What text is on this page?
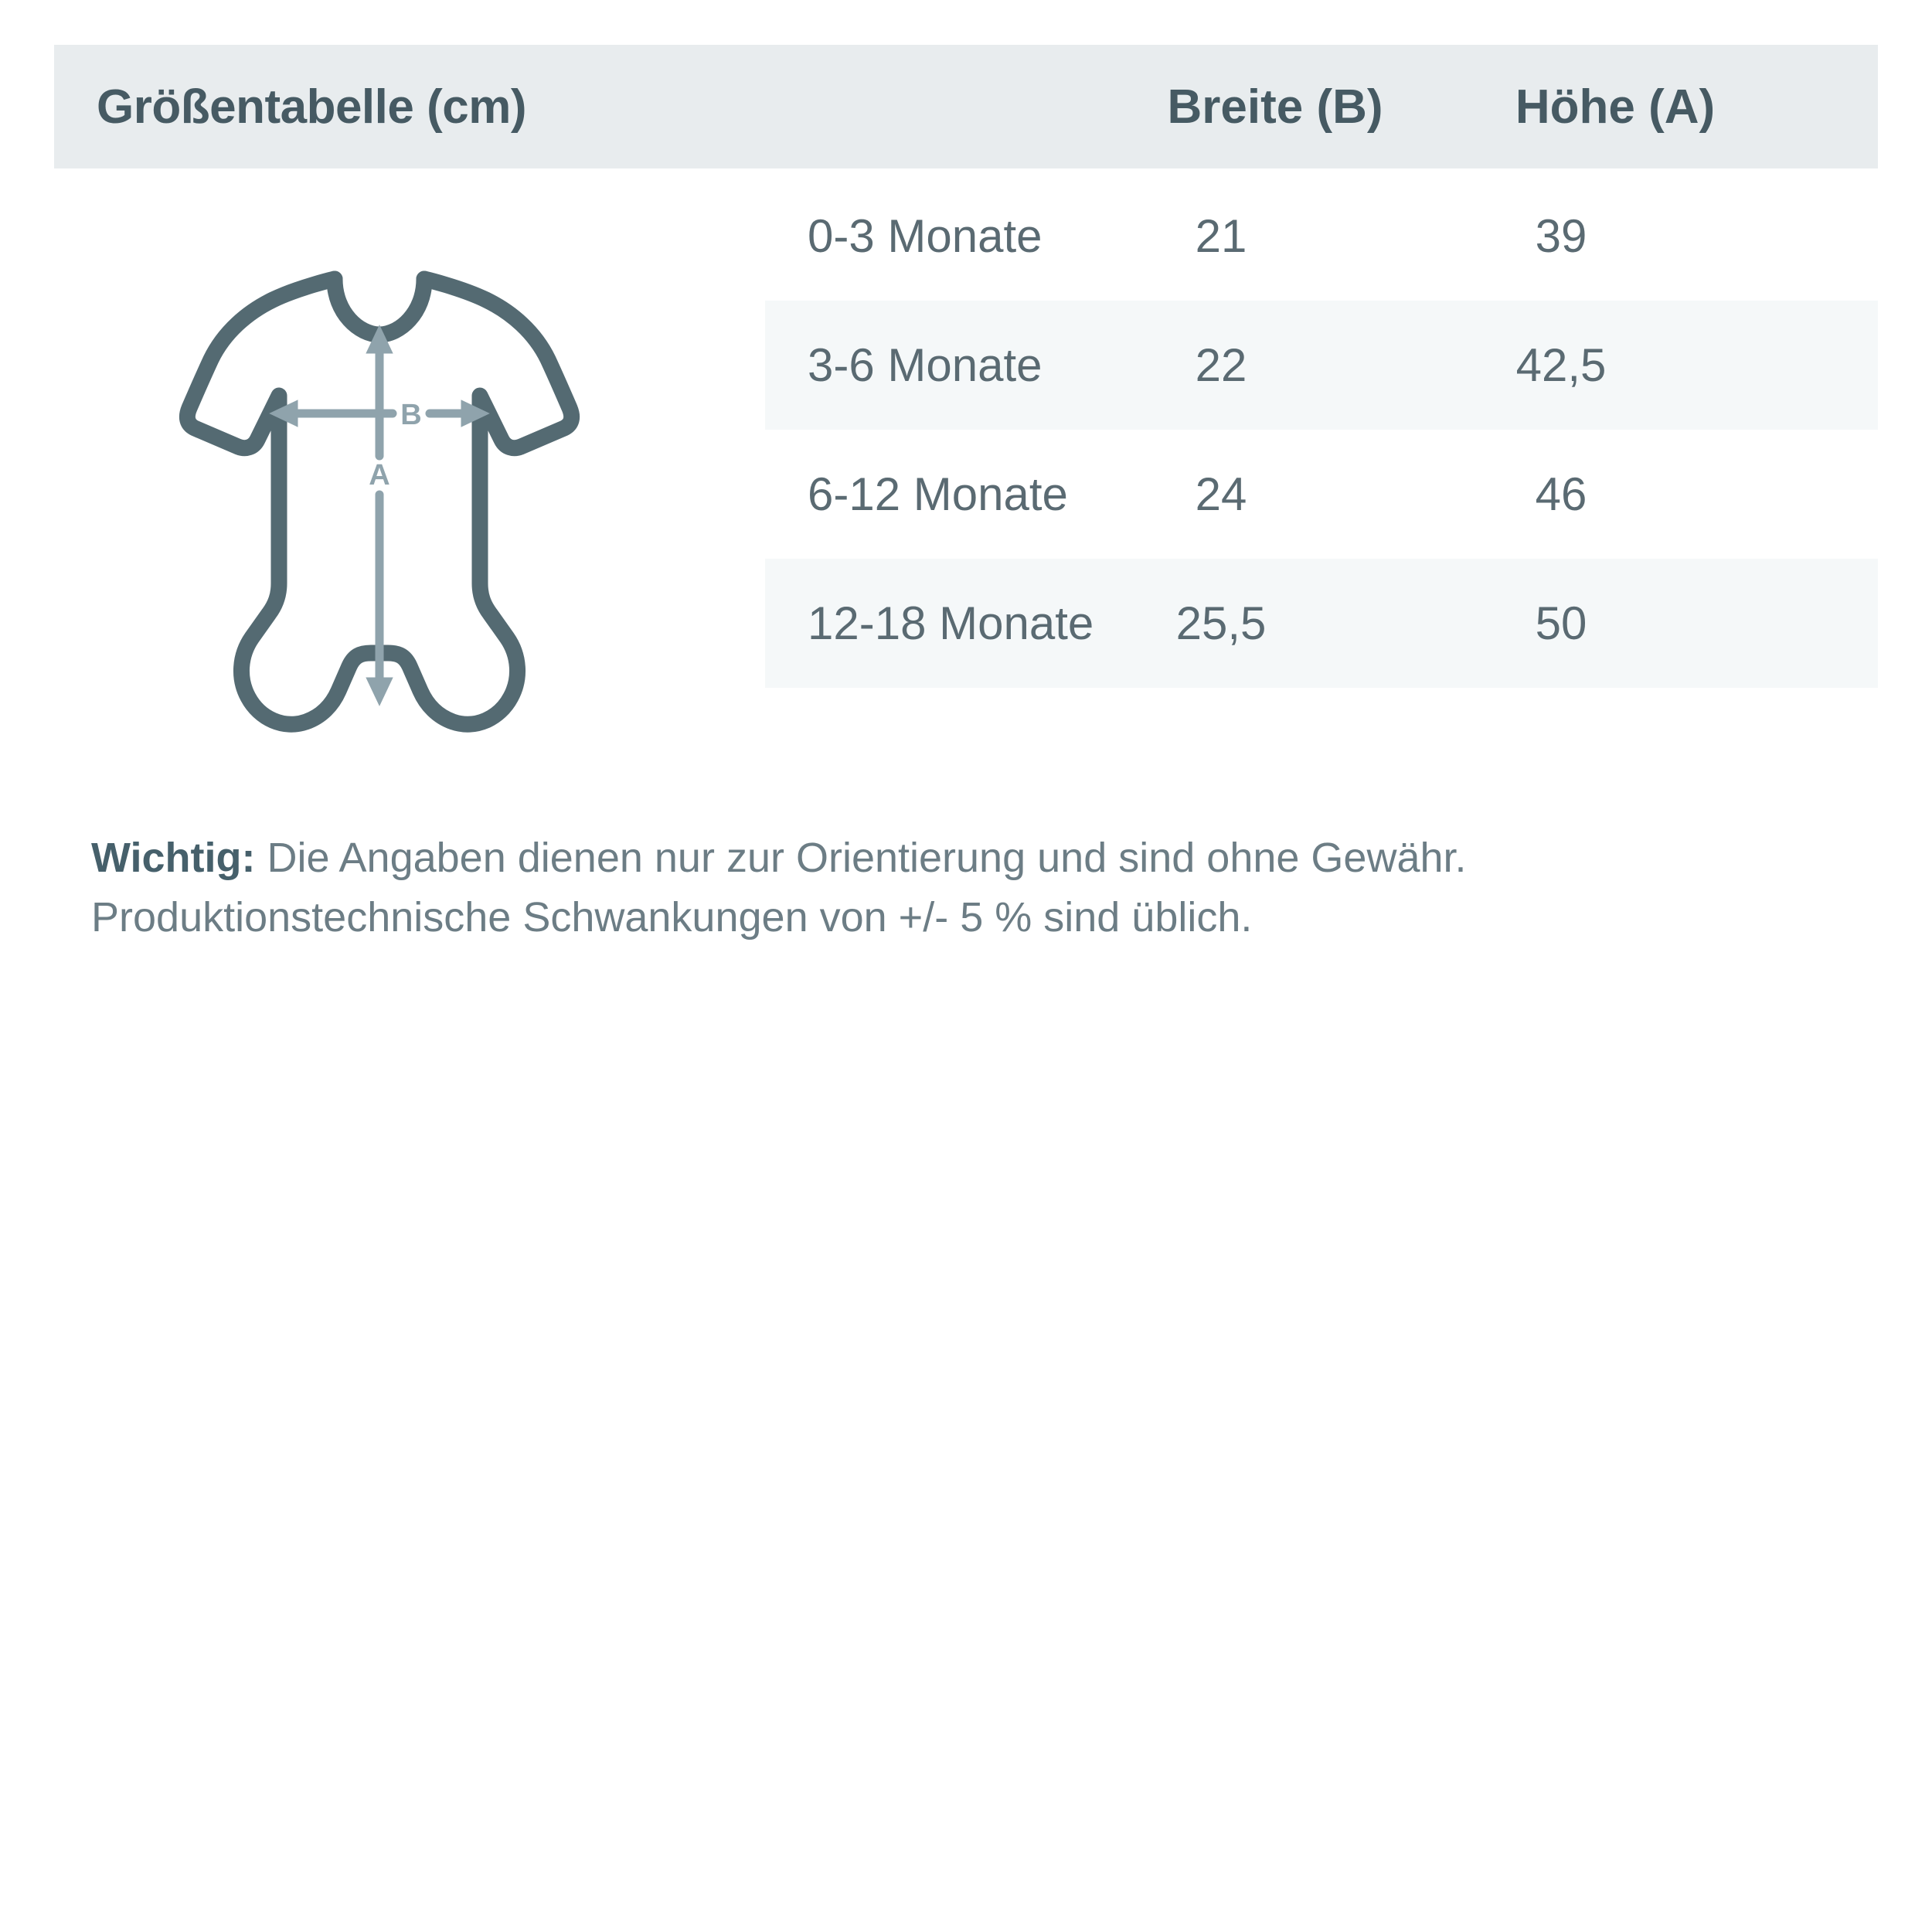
Größentabelle (cm)	Breite (B)	Höhe (A)
B
A
0-3 Monate	21	39
3-6 Monate	22	42,5
6-12 Monate	24	46
12-18 Monate	25,5	50
Wichtig: Die Angaben dienen nur zur Orientierung und sind ohne Gewähr. Produktionstechnische Schwankungen von +/- 5 % sind üblich.
